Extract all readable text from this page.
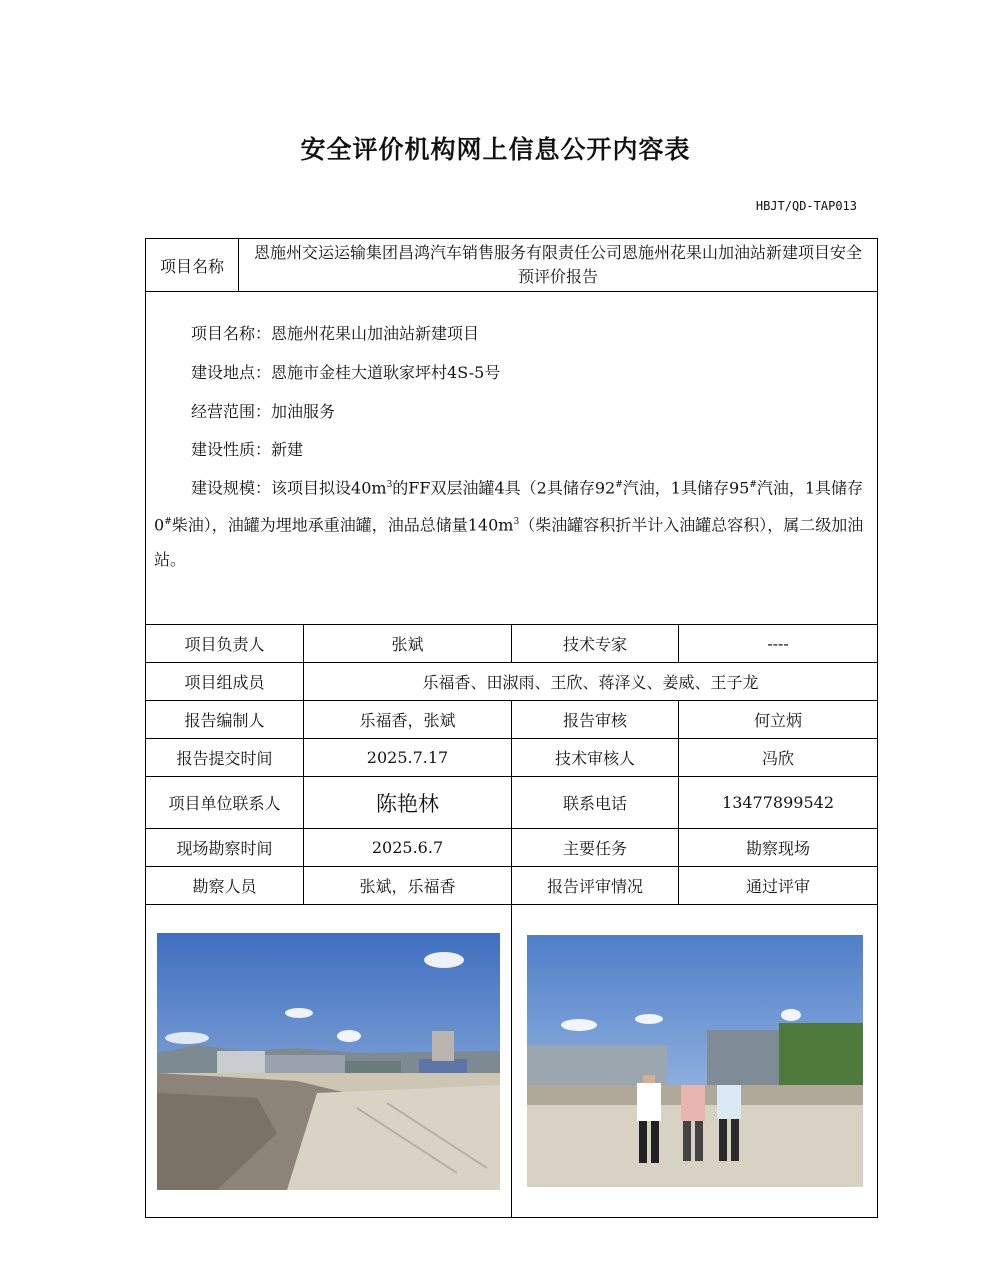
安全评价机构网上信息公开内容表
HBJT/QD-TAP013
项目名称	恩施州交运运输集团昌鸿汽车销售服务有限责任公司恩施州花果山加油站新建项目安全预评价报告			

项目名称：恩施州花果山加油站新建项目

建设地点：恩施市金桂大道耿家坪村4S-5号

经营范围：加油服务

建设性质：新建

建设规模：该项目拟设$40m^3$的FF双层油罐4具（2具储存92#汽油，1具储存95#汽油，1具储存0#柴油），油罐为埋地承重油罐，油品总储量$140m^3$（柴油罐容积折半计入油罐总容积），属二级加油站。				

项目负责人		张斌	技术专家	----
项目组成员		乐福香、田淑雨、王欣、蒋泽义、姜威、王子龙		
报告编制人		乐福香，张斌	报告审核	何立炳
报告提交时间		2025.7.17	技术审核人	冯欣
项目单位联系人		陈艳林	联系电话	13477899542
现场勘察时间		2025.6.7	主要任务	勘察现场
勘察人员		张斌，乐福香	报告评审情况	通过评审
